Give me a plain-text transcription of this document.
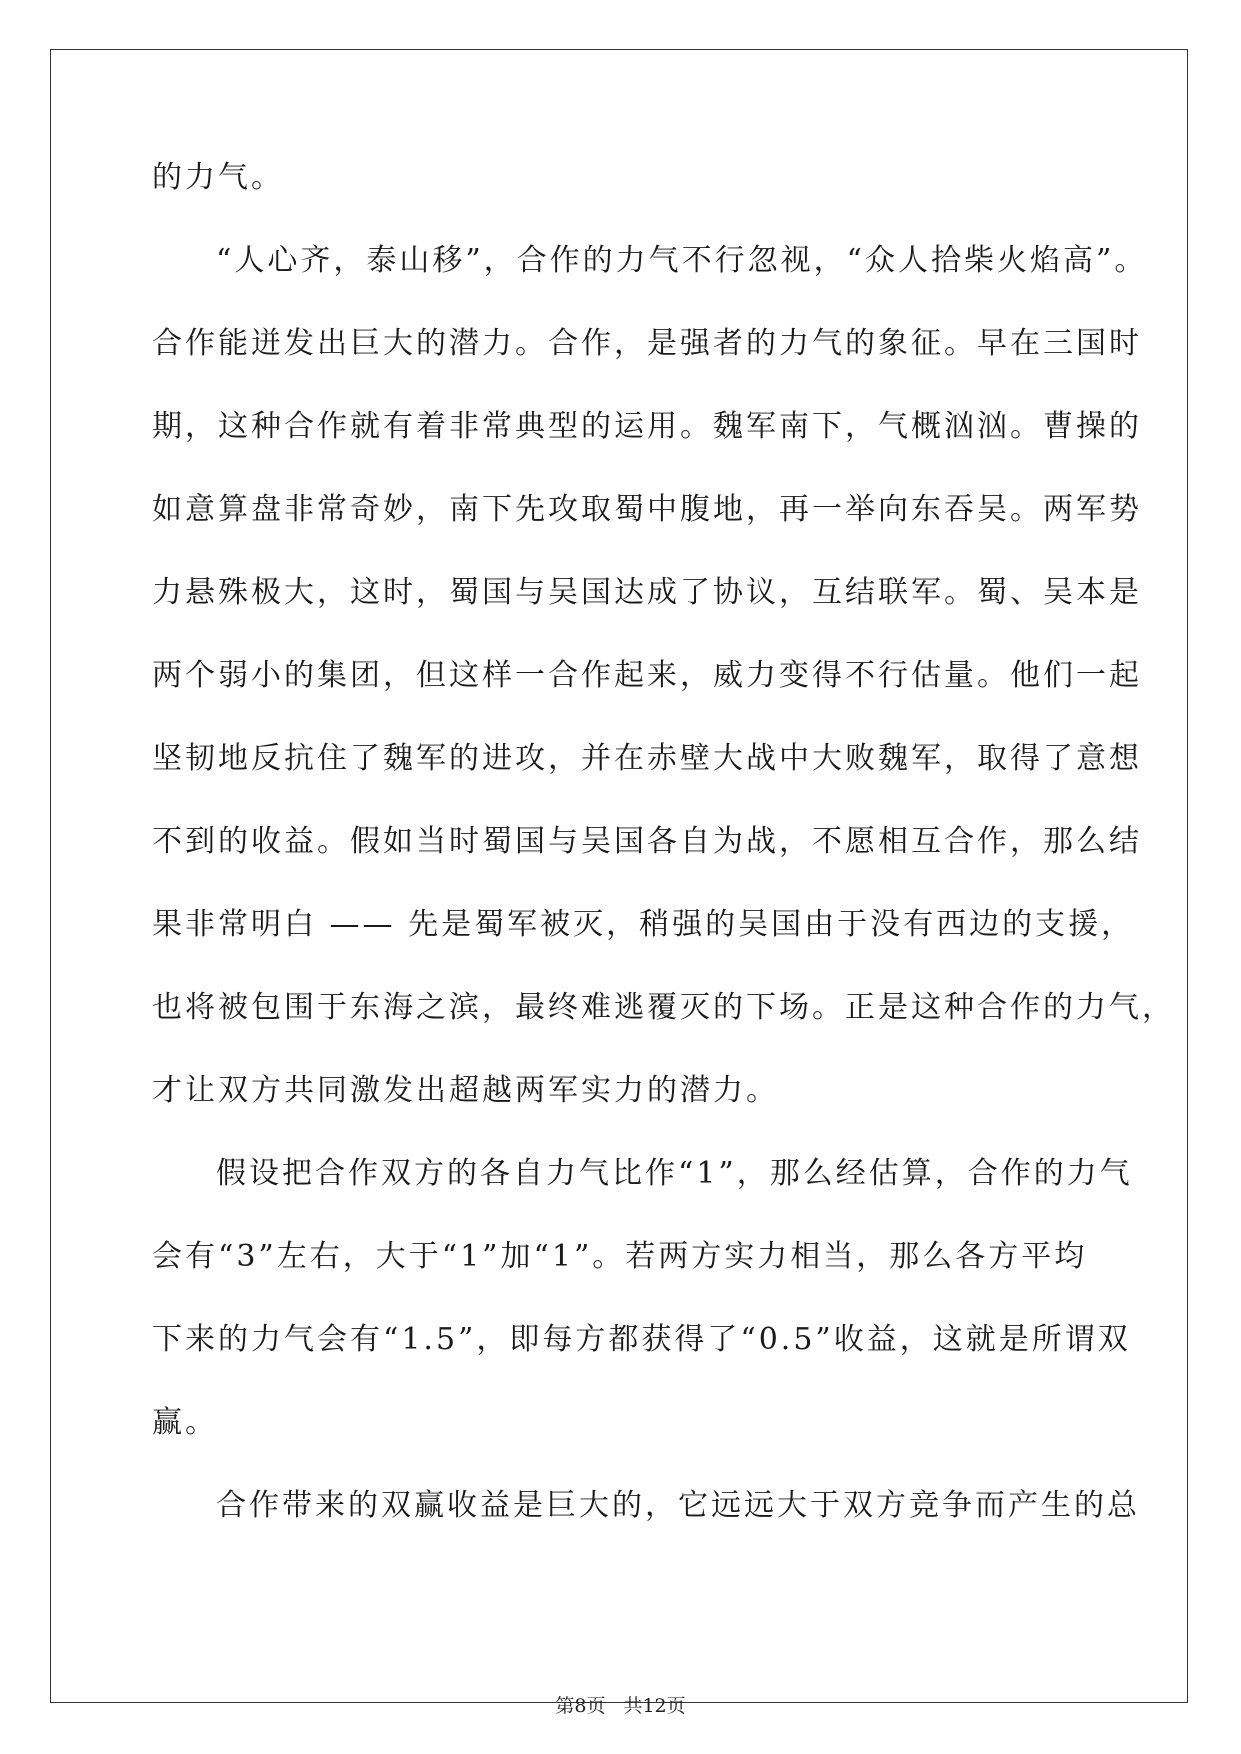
的力气。
“人心齐，泰山移”，合作的力气不行忽视，“众人拾柴火焰高”。
合作能迸发出巨大的潜力。合作，是强者的力气的象征。早在三国时
期，这种合作就有着非常典型的运用。魏军南下，气概汹汹。曹操的
如意算盘非常奇妙，南下先攻取蜀中腹地，再一举向东吞吴。两军势
力悬殊极大，这时，蜀国与吴国达成了协议，互结联军。蜀、吴本是
两个弱小的集团，但这样一合作起来，威力变得不行估量。他们一起
坚韧地反抗住了魏军的进攻，并在赤壁大战中大败魏军，取得了意想
不到的收益。假如当时蜀国与吴国各自为战，不愿相互合作，那么结
果非常明白 —— 先是蜀军被灭，稍强的吴国由于没有西边的支援，
也将被包围于东海之滨，最终难逃覆灭的下场。正是这种合作的力气，
才让双方共同激发出超越两军实力的潜力。
假设把合作双方的各自力气比作“1”，那么经估算，合作的力气
会有“3”左右，大于“1”加“1”。若两方实力相当，那么各方平均
下来的力气会有“1.5”，即每方都获得了“0.5”收益，这就是所谓双
赢。
合作带来的双赢收益是巨大的，它远远大于双方竞争而产生的总
第8页 共12页
